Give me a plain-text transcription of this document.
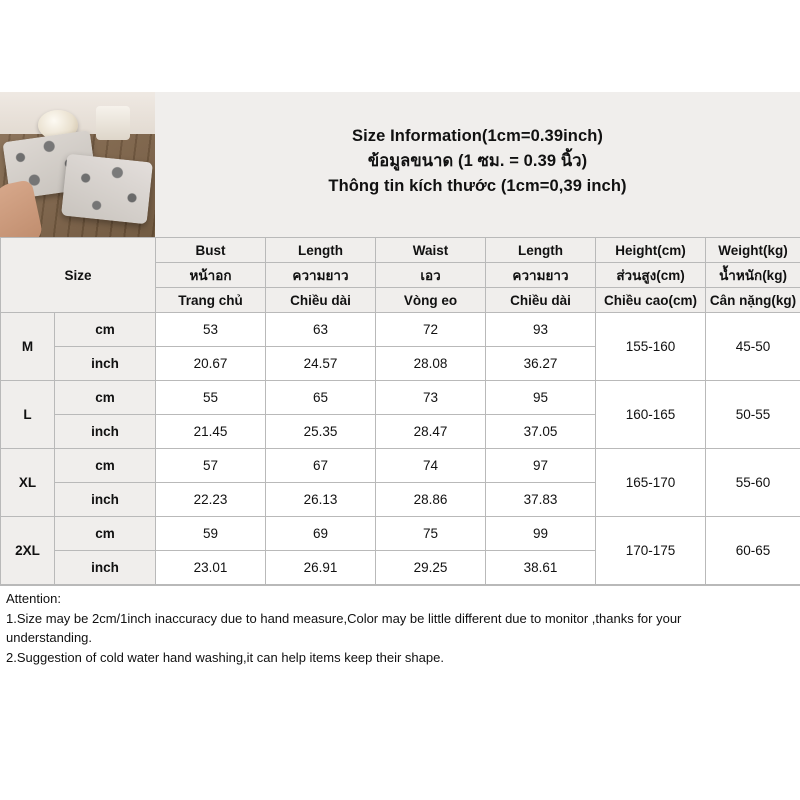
Size Information(1cm=0.39inch)
ข้อมูลขนาด (1 ซม. = 0.39 นิ้ว)
Thông tin kích thước (1cm=0,39 inch)
Size		Bust	Length	Waist	Length	Height(cm)	Weight(kg)
		หน้าอก	ความยาว	เอว	ความยาว	ส่วนสูง(cm)	น้ำหนัก(kg)
		Trang chủ	Chiều dài	Vòng eo	Chiều dài	Chiều cao(cm)	Cân nặng(kg)
M	cm	53	63	72	93	155-160	45-50
	inch	20.67	24.57	28.08	36.27		
L	cm	55	65	73	95	160-165	50-55
	inch	21.45	25.35	28.47	37.05		
XL	cm	57	67	74	97	165-170	55-60
	inch	22.23	26.13	28.86	37.83		
2XL	cm	59	69	75	99	170-175	60-65
	inch	23.01	26.91	29.25	38.61		

Attention:

1.Size may be 2cm/1inch inaccuracy due to hand measure,Color may be little different due to monitor ,thanks for your

understanding.

2.Suggestion of cold water hand washing,it can help items keep their shape.
